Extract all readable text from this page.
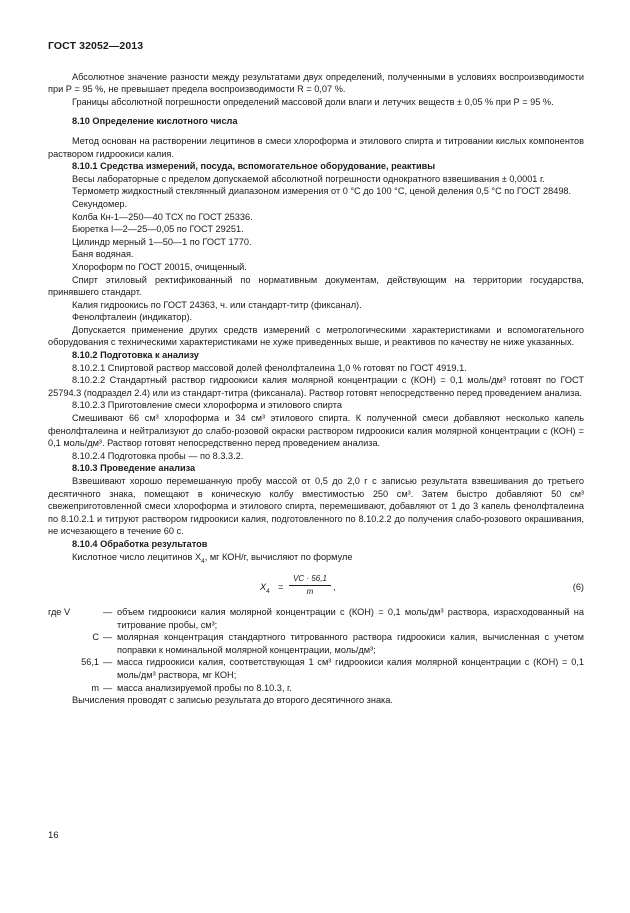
ГОСТ 32052—2013

Абсолютное значение разности между результатами двух определений, полученными в условиях воспроизводимости при Р = 95 %, не превышает предела воспроизводимости R = 0,07 %.

Границы абсолютной погрешности определений массовой доли влаги и летучих веществ ± 0,05 % при Р = 95 %.

8.10 Определение кислотного числа

Метод основан на растворении лецитинов в смеси хлороформа и этилового спирта и титровании кислых компонентов раствором гидроокиси калия.

8.10.1 Средства измерений, посуда, вспомогательное оборудование, реактивы

Весы лабораторные с пределом допускаемой абсолютной погрешности однократного взвешивания ± 0,0001 г.

Термометр жидкостный стеклянный диапазоном измерения от 0 °С до 100 °С, ценой деления 0,5 °С по ГОСТ 28498.

Секундомер.

Колба Кн-1—250—40 ТСХ по ГОСТ 25336.

Бюретка I—2—25—0,05 по ГОСТ 29251.

Цилиндр мерный 1—50—1 по ГОСТ 1770.

Баня водяная.

Хлороформ по ГОСТ 20015, очищенный.

Спирт этиловый ректификованный по нормативным документам, действующим на территории государства, принявшего стандарт.

Калия гидроокись по ГОСТ 24363, ч. или стандарт-титр (фиксанал).

Фенолфталеин (индикатор).

Допускается применение других средств измерений с метрологическими характеристиками и вспомогательного оборудования с техническими характеристиками не хуже приведенных выше, и реактивов по качеству не ниже указанных.

8.10.2 Подготовка к анализу

8.10.2.1 Спиртовой раствор массовой долей фенолфталеина 1,0 % готовят по ГОСТ 4919.1.

8.10.2.2 Стандартный раствор гидроокиси калия молярной концентрации c (КОН) = 0,1 моль/дм³ готовят по ГОСТ 25794.3 (подраздел 2.4) или из стандарт-титра (фиксанала). Раствор готовят непосредственно перед проведением анализа.

8.10.2.3 Приготовление смеси хлороформа и этилового спирта

Смешивают 66 см³ хлороформа и 34 см³ этилового спирта. К полученной смеси добавляют несколько капель фенолфталеина и нейтрализуют до слабо-розовой окраски раствором гидроокиси калия молярной концентрации c (КОН) = 0,1 моль/дм³. Раствор готовят непосредственно перед проведением анализа.

8.10.2.4 Подготовка пробы — по 8.3.3.2.

8.10.3 Проведение анализа

Взвешивают хорошо перемешанную пробу массой от 0,5 до 2,0 г с записью результата взвешивания до третьего десятичного знака, помещают в коническую колбу вместимостью 250 см³. Затем быстро добавляют 50 см³ свежеприготовленной смеси хлороформа и этилового спирта, перемешивают, добавляют от 1 до 3 капель фенолфталеина по 8.10.2.1 и титруют раствором гидроокиси калия, подготовленного по 8.10.2.2 до получения слабо-розового окрашивания, не исчезающего в течение 60 с.

8.10.4 Обработка результатов

Кислотное число лецитинов $X_4$, мг КОН/г, вычисляют по формуле

$X_4 = \frac{VC \cdot 56,1}{m}$ ,	(6)
где V	— объем гидроокиси калия молярной концентрации c (КОН) = 0,1 моль/дм³ раствора, израсходованный на титрование пробы, см³;
C — молярная концентрация стандартного титрованного раствора гидроокиси калия, вычисленная с учетом поправки к номинальной молярной концентрации, моль/дм³;
56,1 — масса гидроокиси калия, соответствующая 1 см³ гидроокиси калия молярной концентрации c (КОН) = 0,1 моль/дм³ раствора, мг КОН;
m — масса анализируемой пробы по 8.10.3, г.

Вычисления проводят с записью результата до второго десятичного знака.

16
